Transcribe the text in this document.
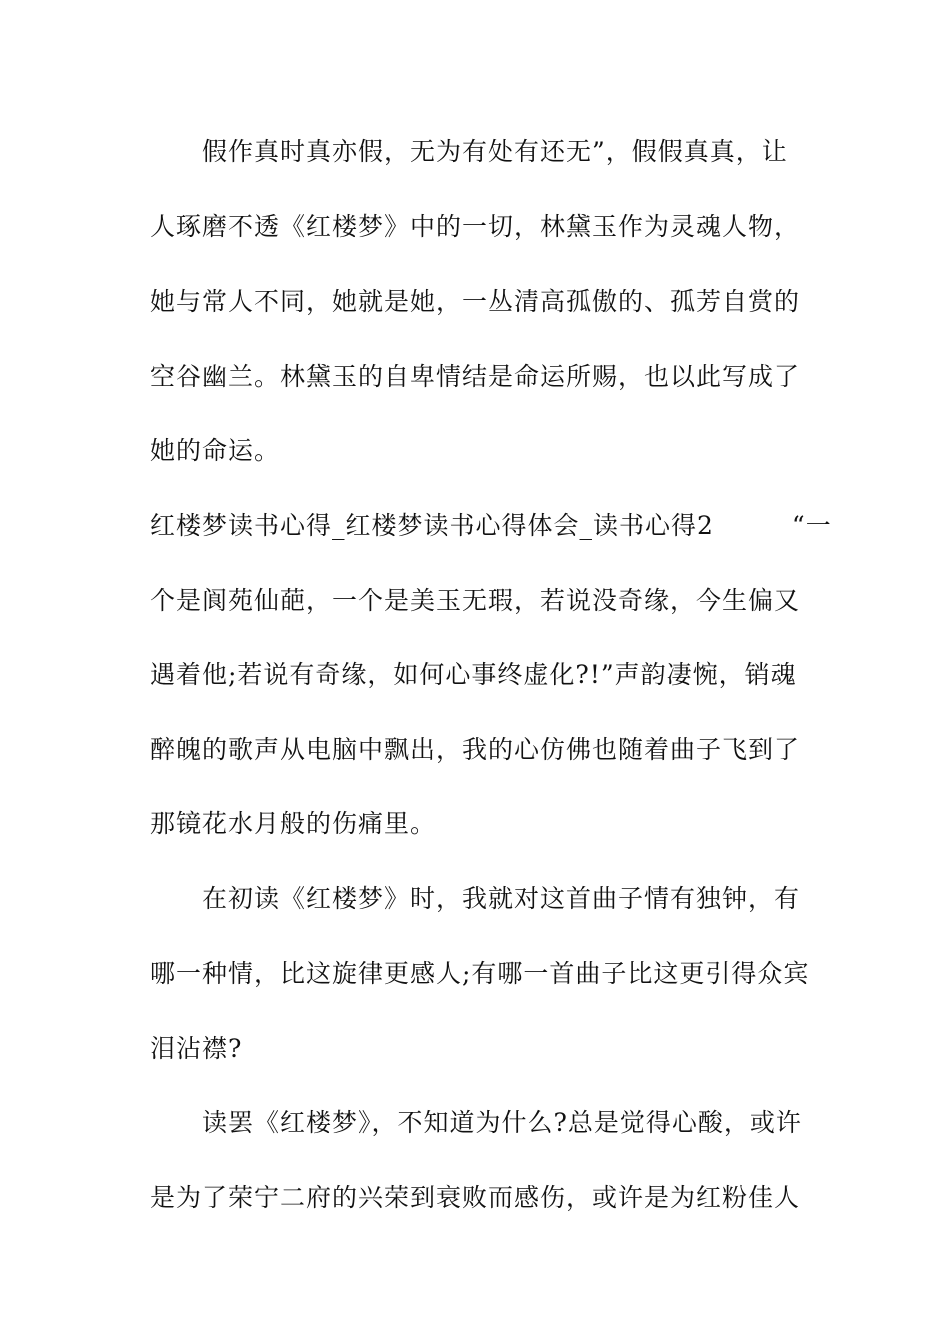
　　假作真时真亦假，无为有处有还无”，假假真真，让
人琢磨不透《红楼梦》中的一切，林黛玉作为灵魂人物，
她与常人不同，她就是她，一丛清高孤傲的、孤芳自赏的
空谷幽兰。林黛玉的自卑情结是命运所赐，也以此写成了
她的命运。
红楼梦读书心得_红楼梦读书心得体会_读书心得2　　　“一
个是阆苑仙葩，一个是美玉无瑕，若说没奇缘，今生偏又
遇着他;若说有奇缘，如何心事终虚化?!”声韵凄惋，销魂
醉魄的歌声从电脑中飘出，我的心仿佛也随着曲子飞到了
那镜花水月般的伤痛里。
　　在初读《红楼梦》时，我就对这首曲子情有独钟，有
哪一种情，比这旋律更感人;有哪一首曲子比这更引得众宾
泪沾襟?
　　读罢《红楼梦》，不知道为什么?总是觉得心酸，或许
是为了荣宁二府的兴荣到衰败而感伤，或许是为红粉佳人
